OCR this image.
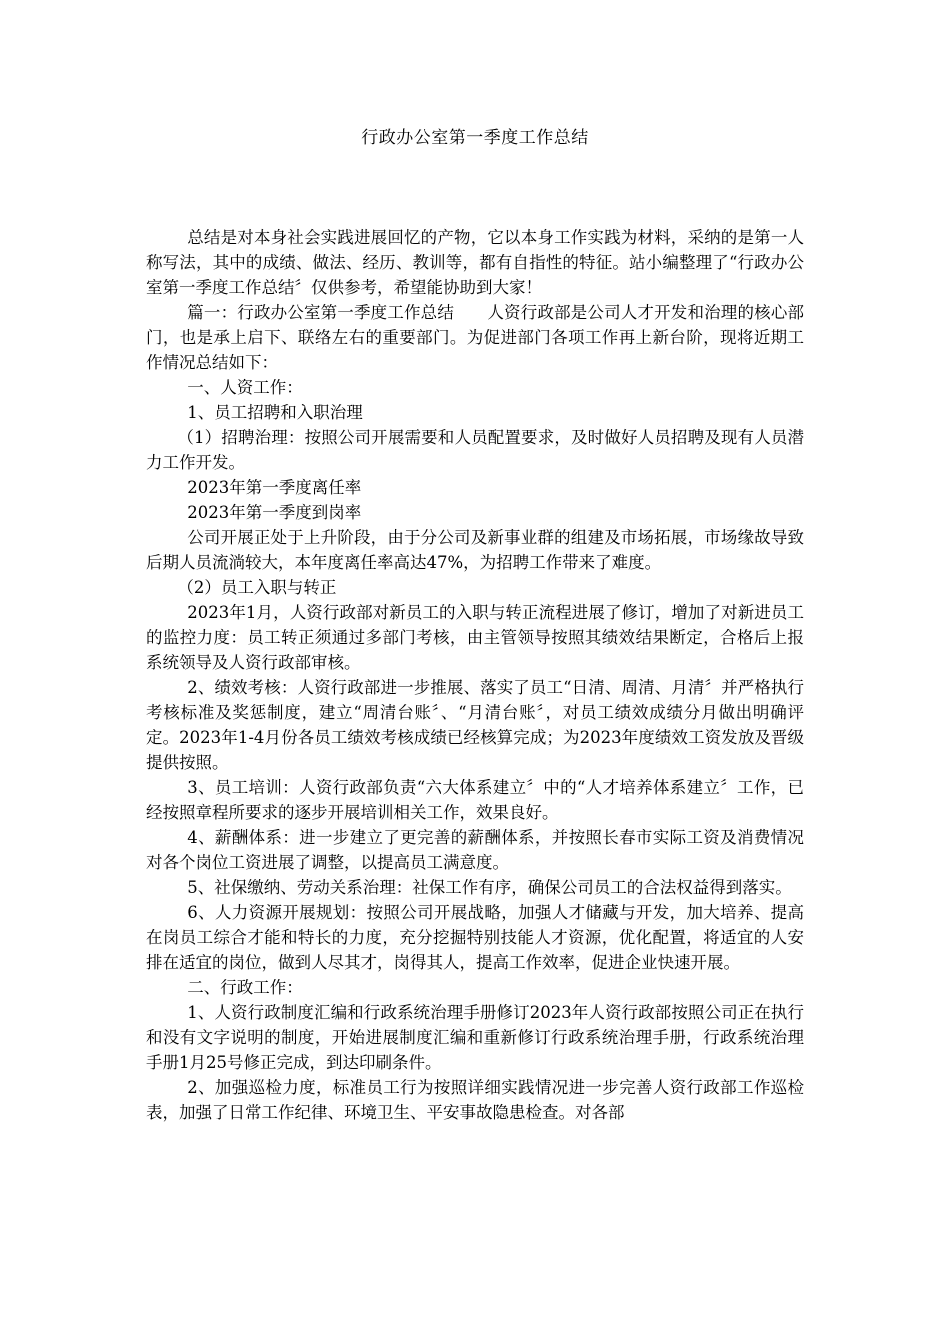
行政办公室第一季度工作总结

总结是对本身社会实践进展回忆的产物，它以本身工作实践为材料，采纳的是第一人称写法，其中的成绩、做法、经历、教训等，都有自指性的特征。站小编整理了“行政办公室第一季度工作总结〞仅供参考，希望能协助到大家！

篇一：行政办公室第一季度工作总结　　人资行政部是公司人才开发和治理的核心部门，也是承上启下、联络左右的重要部门。为促进部门各项工作再上新台阶，现将近期工作情况总结如下：

一、人资工作：

1、员工招聘和入职治理

（1）招聘治理：按照公司开展需要和人员配置要求，及时做好人员招聘及现有人员潜力工作开发。

2023年第一季度离任率

2023年第一季度到岗率

公司开展正处于上升阶段，由于分公司及新事业群的组建及市场拓展，市场缘故导致后期人员流淌较大，本年度离任率高达47%，为招聘工作带来了难度。

（2）员工入职与转正

2023年1月，人资行政部对新员工的入职与转正流程进展了修订，增加了对新进员工的监控力度：员工转正须通过多部门考核，由主管领导按照其绩效结果断定，合格后上报系统领导及人资行政部审核。

2、绩效考核：人资行政部进一步推展、落实了员工“日清、周清、月清〞并严格执行考核标准及奖惩制度，建立“周清台账〞、“月清台账〞，对员工绩效成绩分月做出明确评定。2023年1-4月份各员工绩效考核成绩已经核算完成；为2023年度绩效工资发放及晋级提供按照。

3、员工培训：人资行政部负责“六大体系建立〞中的“人才培养体系建立〞工作，已经按照章程所要求的逐步开展培训相关工作，效果良好。

4、薪酬体系：进一步建立了更完善的薪酬体系，并按照长春市实际工资及消费情况对各个岗位工资进展了调整，以提高员工满意度。

5、社保缴纳、劳动关系治理：社保工作有序，确保公司员工的合法权益得到落实。

6、人力资源开展规划：按照公司开展战略，加强人才储藏与开发，加大培养、提高在岗员工综合才能和特长的力度，充分挖掘特别技能人才资源，优化配置，将适宜的人安排在适宜的岗位，做到人尽其才，岗得其人，提高工作效率，促进企业快速开展。

二、行政工作：

1、人资行政制度汇编和行政系统治理手册修订2023年人资行政部按照公司正在执行和没有文字说明的制度，开始进展制度汇编和重新修订行政系统治理手册，行政系统治理手册1月25号修正完成，到达印刷条件。

2、加强巡检力度，标准员工行为按照详细实践情况进一步完善人资行政部工作巡检表，加强了日常工作纪律、环境卫生、平安事故隐患检查。对各部
